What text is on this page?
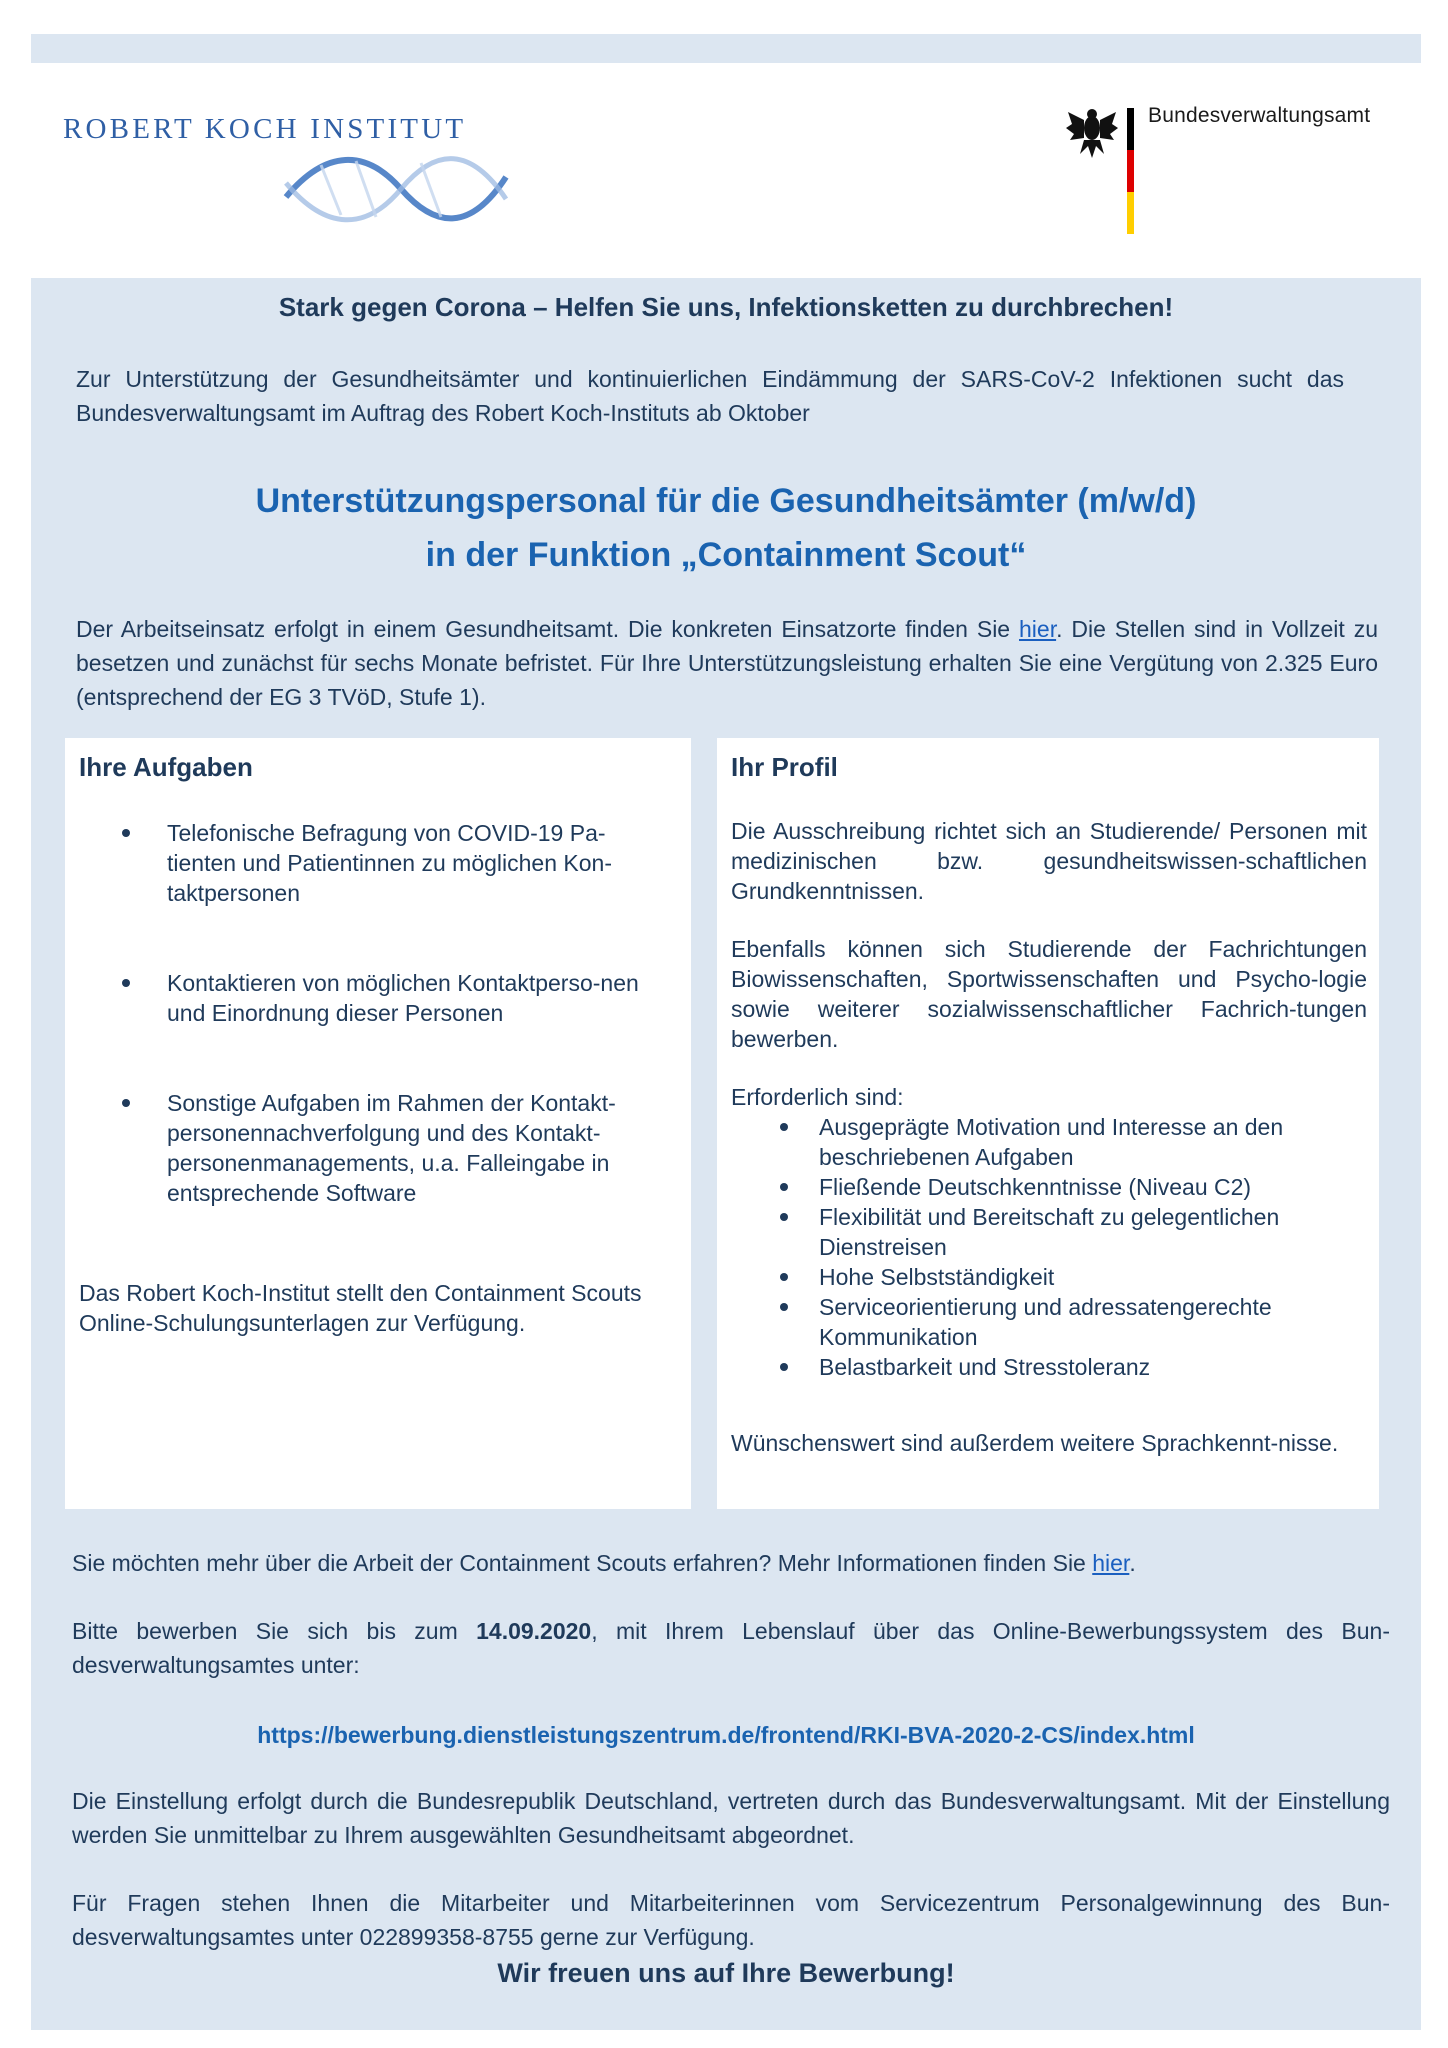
ROBERT KOCH INSTITUT	Bundesverwaltungsamt
Stark gegen Corona – Helfen Sie uns, Infektionsketten zu durchbrechen!
Zur Unterstützung der Gesundheitsämter und kontinuierlichen Eindämmung der SARS-CoV-2 Infektionen sucht das Bundesverwaltungsamt im Auftrag des Robert Koch-Instituts ab Oktober
Unterstützungspersonal für die Gesundheitsämter (m/w/d)
in der Funktion „Containment Scout“
Der Arbeitseinsatz erfolgt in einem Gesundheitsamt. Die konkreten Einsatzorte finden Sie hier. Die Stellen sind in Vollzeit zu besetzen und zunächst für sechs Monate befristet. Für Ihre Unterstützungsleistung erhalten Sie eine Vergütung von 2.325 Euro (entsprechend der EG 3 TVöD, Stufe 1).
Ihre Aufgaben
Telefonische Befragung von COVID-19 Pa-tienten und Patientinnen zu möglichen Kon-taktpersonen
Kontaktieren von möglichen Kontaktperso-nen und Einordnung dieser Personen
Sonstige Aufgaben im Rahmen der Kontakt-personennachverfolgung und des Kontakt-personenmanagements, u.a. Falleingabe in entsprechende Software
Das Robert Koch-Institut stellt den Containment Scouts Online-Schulungsunterlagen zur Verfügung.
Ihr Profil
Die Ausschreibung richtet sich an Studierende/ Personen mit medizinischen bzw. gesundheitswissen-schaftlichen Grundkenntnissen.
Ebenfalls können sich Studierende der Fachrichtungen Biowissenschaften, Sportwissenschaften und Psycho-logie sowie weiterer sozialwissenschaftlicher Fachrich-tungen bewerben.
Erforderlich sind:
Ausgeprägte Motivation und Interesse an den beschriebenen Aufgaben
Fließende Deutschkenntnisse (Niveau C2)
Flexibilität und Bereitschaft zu gelegentlichen Dienstreisen
Hohe Selbstständigkeit
Serviceorientierung und adressatengerechte Kommunikation
Belastbarkeit und Stresstoleranz
Wünschenswert sind außerdem weitere Sprachkennt-nisse.
Sie möchten mehr über die Arbeit der Containment Scouts erfahren? Mehr Informationen finden Sie hier.
Bitte bewerben Sie sich bis zum 14.09.2020, mit Ihrem Lebenslauf über das Online-Bewerbungssystem des Bun-desverwaltungsamtes unter:
https://bewerbung.dienstleistungszentrum.de/frontend/RKI-BVA-2020-2-CS/index.html
Die Einstellung erfolgt durch die Bundesrepublik Deutschland, vertreten durch das Bundesverwaltungsamt. Mit der Einstellung werden Sie unmittelbar zu Ihrem ausgewählten Gesundheitsamt abgeordnet.
Für Fragen stehen Ihnen die Mitarbeiter und Mitarbeiterinnen vom Servicezentrum Personalgewinnung des Bun-desverwaltungsamtes unter 022899358-8755 gerne zur Verfügung.
Wir freuen uns auf Ihre Bewerbung!
